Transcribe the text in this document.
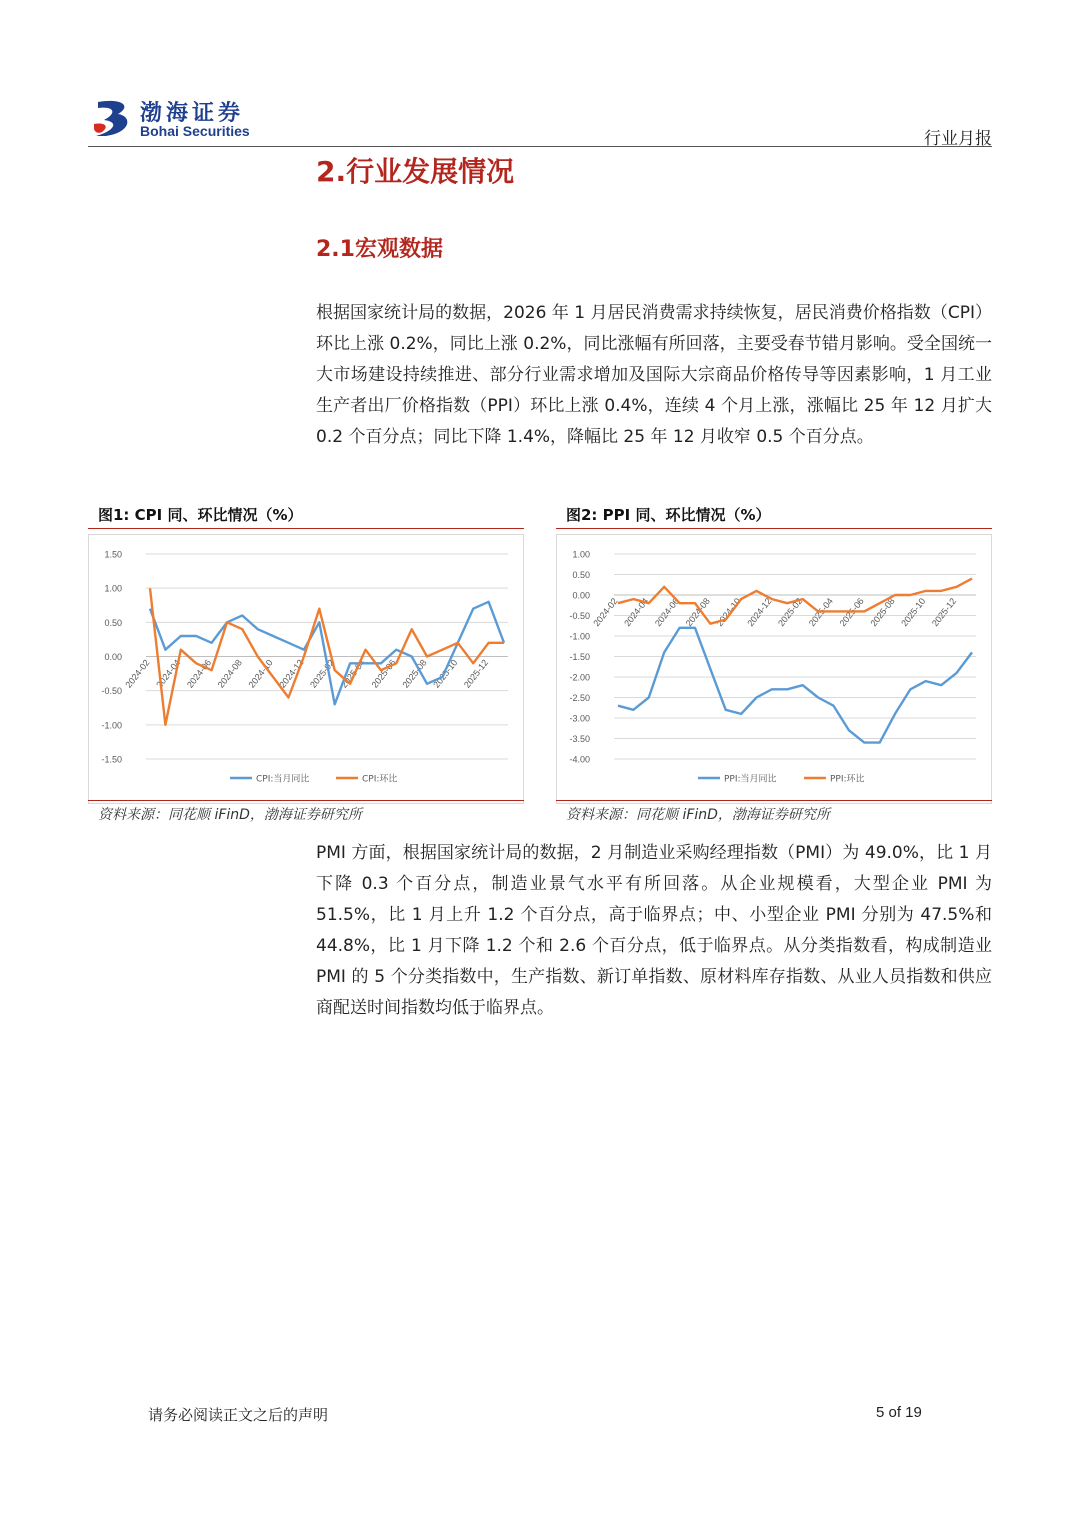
渤海证券
Bohai Securities	行业月报
2.行业发展情况
2.1宏观数据
根据国家统计局的数据，2026 年 1 月居民消费需求持续恢复，居民消费价格指数（CPI）环比上涨 0.2%，同比上涨 0.2%，同比涨幅有所回落，主要受春节错月影响。受全国统一大市场建设持续推进、部分行业需求增加及国际大宗商品价格传导等因素影响，1 月工业生产者出厂价格指数（PPI）环比上涨 0.4%，连续 4 个月上涨，涨幅比 25 年 12 月扩大 0.2 个百分点；同比下降 1.4%，降幅比 25 年 12 月收窄 0.5 个百分点。
图1: CPI 同、环比情况（%）
1.50
1.00
0.50
0.00
-0.50
-1.00
-1.50
2024-02 2024-04 2024-06 2024-08 2024-10 2024-12 2025-02 2025-04 2025-06 2025-08 2025-10 2025-12
CPI:当月同比	CPI:环比
资料来源：同花顺 iFinD，渤海证券研究所
图2: PPI 同、环比情况（%）
1.00
0.50
0.00
-0.50
-1.00
-1.50
-2.00
-2.50
-3.00
-3.50
-4.00
2024-02 2024-04 2024-06 2024-08 2024-10 2024-12 2025-02 2025-04 2025-06 2025-08 2025-10 2025-12
PPI:当月同比	PPI:环比
资料来源：同花顺 iFinD，渤海证券研究所
PMI 方面，根据国家统计局的数据，2 月制造业采购经理指数（PMI）为 49.0%，比 1 月下降 0.3 个百分点，制造业景气水平有所回落。从企业规模看，大型企业 PMI 为 51.5%，比 1 月上升 1.2 个百分点，高于临界点；中、小型企业 PMI 分别为 47.5%和 44.8%，比 1 月下降 1.2 个和 2.6 个百分点，低于临界点。从分类指数看，构成制造业 PMI 的 5 个分类指数中，生产指数、新订单指数、原材料库存指数、从业人员指数和供应商配送时间指数均低于临界点。
请务必阅读正文之后的声明	5 of 19
